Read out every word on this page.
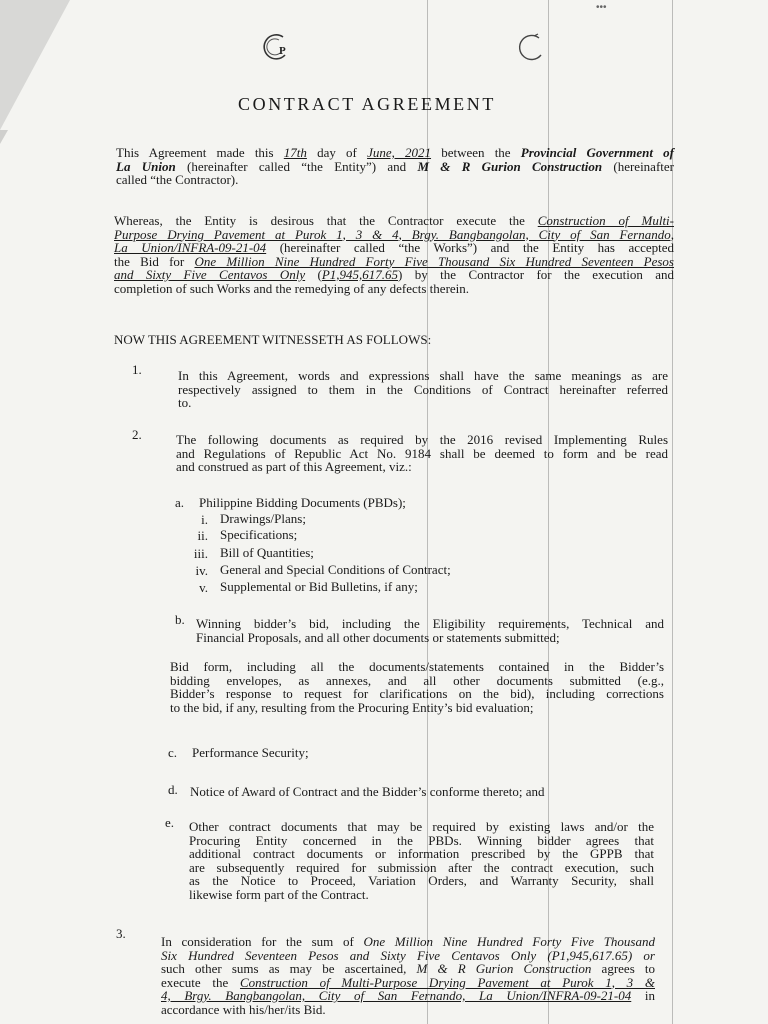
•••
P
CONTRACT AGREEMENT
This Agreement made this 17th day of June, 2021 between the Provincial Government of
La Union (hereinafter called “the Entity”) and M & R Gurion Construction (hereinafter
called “the Contractor).
Whereas, the Entity is desirous that the Contractor execute the Construction of Multi-
Purpose Drying Pavement at Purok 1, 3 & 4, Brgy. Bangbangolan, City of San Fernando,
La Union/INFRA-09-21-04 (hereinafter called “the Works”) and the Entity has accepted
the Bid for One Million Nine Hundred Forty Five Thousand Six Hundred Seventeen Pesos
and Sixty Five Centavos Only (P1,945,617.65) by the Contractor for the execution and
completion of such Works and the remedying of any defects therein.
NOW THIS AGREEMENT WITNESSETH AS FOLLOWS:
1.	In this Agreement, words and expressions shall have the same meanings as are
respectively assigned to them in the Conditions of Contract hereinafter referred
to.
2.	The following documents as required by the 2016 revised Implementing Rules
and Regulations of Republic Act No. 9184 shall be deemed to form and be read
and construed as part of this Agreement, viz.:
a. Philippine Bidding Documents (PBDs);
i. Drawings/Plans;
ii. Specifications;
iii. Bill of Quantities;
iv. General and Special Conditions of Contract;
v. Supplemental or Bid Bulletins, if any;
b. Winning bidder’s bid, including the Eligibility requirements, Technical and
Financial Proposals, and all other documents or statements submitted;
Bid form, including all the documents/statements contained in the Bidder’s
bidding envelopes, as annexes, and all other documents submitted (e.g.,
Bidder’s response to request for clarifications on the bid), including corrections
to the bid, if any, resulting from the Procuring Entity’s bid evaluation;
c. Performance Security;
d. Notice of Award of Contract and the Bidder’s conforme thereto; and
e. Other contract documents that may be required by existing laws and/or the
Procuring Entity concerned in the PBDs. Winning bidder agrees that
additional contract documents or information prescribed by the GPPB that
are subsequently required for submission after the contract execution, such
as the Notice to Proceed, Variation Orders, and Warranty Security, shall
likewise form part of the Contract.
3.
In consideration for the sum of One Million Nine Hundred Forty Five Thousand
Six Hundred Seventeen Pesos and Sixty Five Centavos Only (P1,945,617.65) or
such other sums as may be ascertained, M & R Gurion Construction agrees to
execute the Construction of Multi-Purpose Drying Pavement at Purok 1, 3 &
4, Brgy. Bangbangolan, City of San Fernando, La Union/INFRA-09-21-04 in
accordance with his/her/its Bid.
